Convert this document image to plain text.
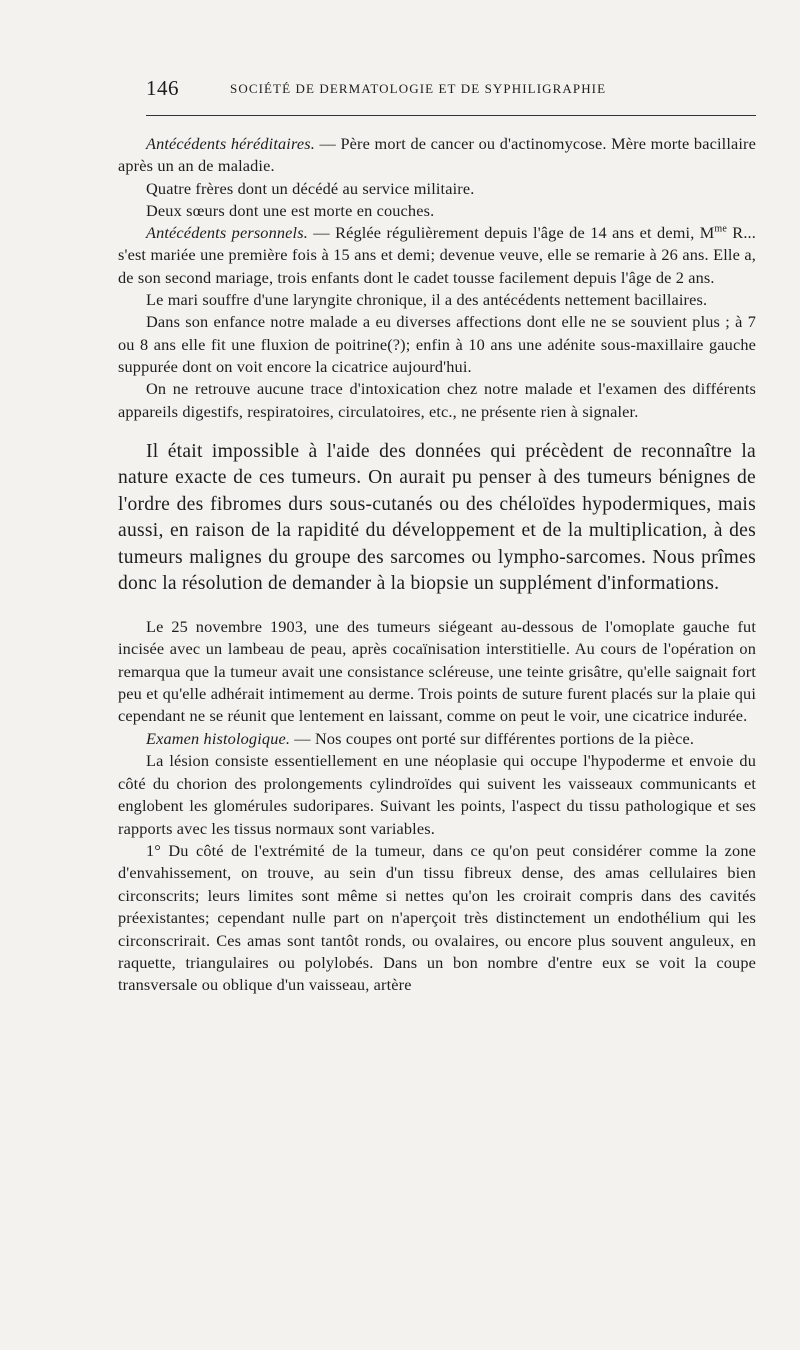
146	SOCIÉTÉ DE DERMATOLOGIE ET DE SYPHILIGRAPHIE

Antécédents héréditaires. — Père mort de cancer ou d'actinomycose. Mère morte bacillaire après un an de maladie.

Quatre frères dont un décédé au service militaire.

Deux sœurs dont une est morte en couches.

Antécédents personnels. — Réglée régulièrement depuis l'âge de 14 ans et demi, $M^{me}$ R... s'est mariée une première fois à 15 ans et demi; devenue veuve, elle se remarie à 26 ans. Elle a, de son second mariage, trois enfants dont le cadet tousse facilement depuis l'âge de 2 ans.

Le mari souffre d'une laryngite chronique, il a des antécédents nettement bacillaires.

Dans son enfance notre malade a eu diverses affections dont elle ne se souvient plus ; à 7 ou 8 ans elle fit une fluxion de poitrine(?); enfin à 10 ans une adénite sous-maxillaire gauche suppurée dont on voit encore la cicatrice aujourd'hui.

On ne retrouve aucune trace d'intoxication chez notre malade et l'examen des différents appareils digestifs, respiratoires, circulatoires, etc., ne présente rien à signaler.

Il était impossible à l'aide des données qui précèdent de reconnaître la nature exacte de ces tumeurs. On aurait pu penser à des tumeurs bénignes de l'ordre des fibromes durs sous-cutanés ou des chéloïdes hypodermiques, mais aussi, en raison de la rapidité du développement et de la multiplication, à des tumeurs malignes du groupe des sarcomes ou lympho-sarcomes. Nous prîmes donc la résolution de demander à la biopsie un supplément d'informations.

Le 25 novembre 1903, une des tumeurs siégeant au-dessous de l'omoplate gauche fut incisée avec un lambeau de peau, après cocaïnisation interstitielle. Au cours de l'opération on remarqua que la tumeur avait une consistance scléreuse, une teinte grisâtre, qu'elle saignait fort peu et qu'elle adhérait intimement au derme. Trois points de suture furent placés sur la plaie qui cependant ne se réunit que lentement en laissant, comme on peut le voir, une cicatrice indurée.

Examen histologique. — Nos coupes ont porté sur différentes portions de la pièce.

La lésion consiste essentiellement en une néoplasie qui occupe l'hypoderme et envoie du côté du chorion des prolongements cylindroïdes qui suivent les vaisseaux communicants et englobent les glomérules sudoripares. Suivant les points, l'aspect du tissu pathologique et ses rapports avec les tissus normaux sont variables.

1° Du côté de l'extrémité de la tumeur, dans ce qu'on peut considérer comme la zone d'envahissement, on trouve, au sein d'un tissu fibreux dense, des amas cellulaires bien circonscrits; leurs limites sont même si nettes qu'on les croirait compris dans des cavités préexistantes; cependant nulle part on n'aperçoit très distinctement un endothélium qui les circonscrirait. Ces amas sont tantôt ronds, ou ovalaires, ou encore plus souvent anguleux, en raquette, triangulaires ou polylobés. Dans un bon nombre d'entre eux se voit la coupe transversale ou oblique d'un vaisseau, artère
